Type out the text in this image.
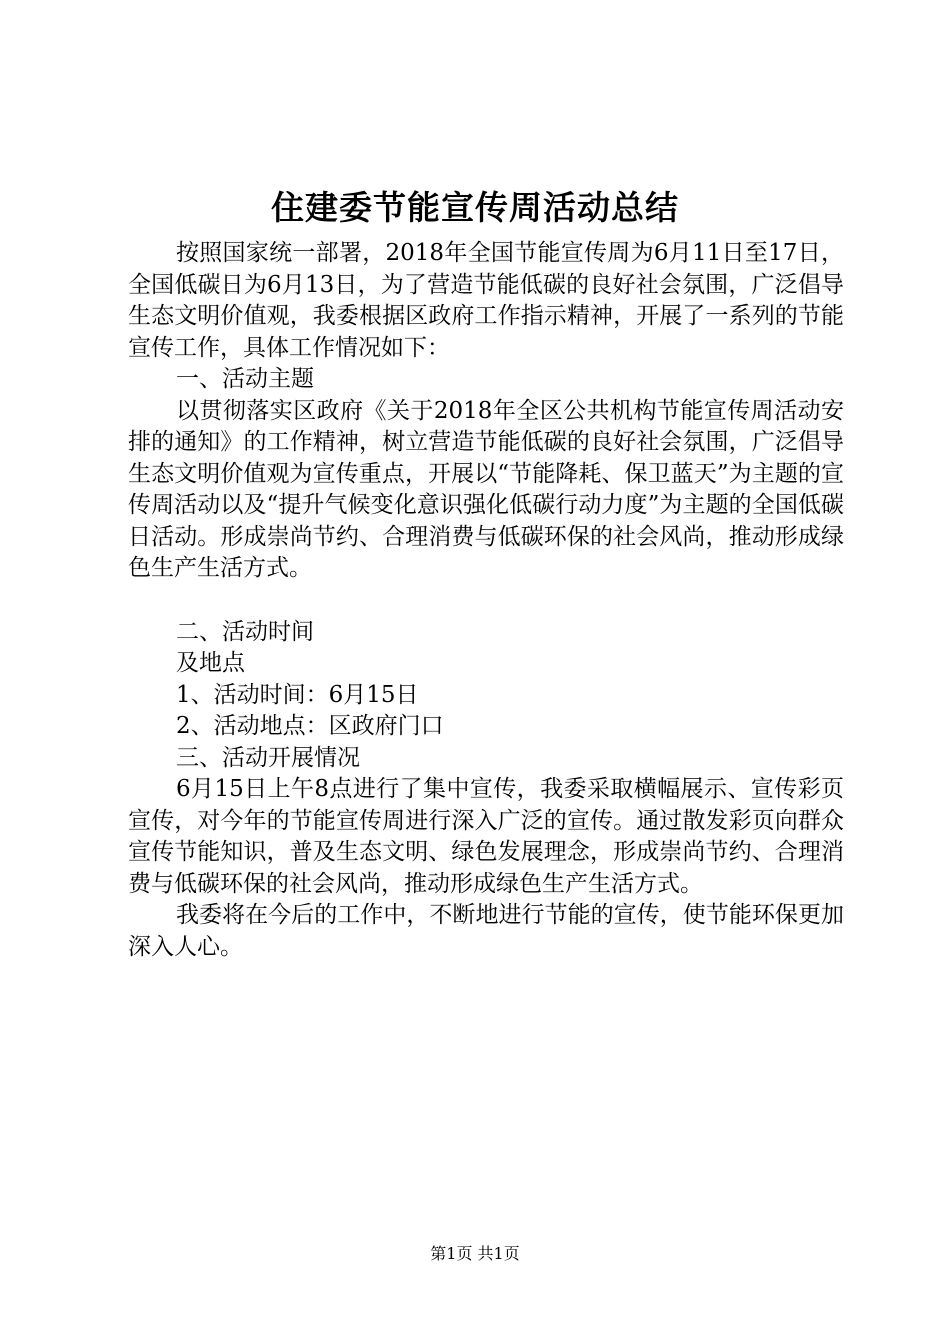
住建委节能宣传周活动总结

按照国家统一部署，2018年全国节能宣传周为6月11日至17日，全国低碳日为6月13日，为了营造节能低碳的良好社会氛围，广泛倡导生态文明价值观，我委根据区政府工作指示精神，开展了一系列的节能宣传工作，具体工作情况如下：

一、活动主题

以贯彻落实区政府《关于2018年全区公共机构节能宣传周活动安排的通知》的工作精神，树立营造节能低碳的良好社会氛围，广泛倡导生态文明价值观为宣传重点，开展以“节能降耗、保卫蓝天”为主题的宣传周活动以及“提升气候变化意识强化低碳行动力度”为主题的全国低碳日活动。形成崇尚节约、合理消费与低碳环保的社会风尚，推动形成绿色生产生活方式。

二、活动时间

及地点

1、活动时间：6月15日

2、活动地点：区政府门口

三、活动开展情况

6月15日上午8点进行了集中宣传，我委采取横幅展示、宣传彩页宣传，对今年的节能宣传周进行深入广泛的宣传。通过散发彩页向群众宣传节能知识，普及生态文明、绿色发展理念，形成崇尚节约、合理消费与低碳环保的社会风尚，推动形成绿色生产生活方式。

我委将在今后的工作中，不断地进行节能的宣传，使节能环保更加深入人心。

第1页 共1页
